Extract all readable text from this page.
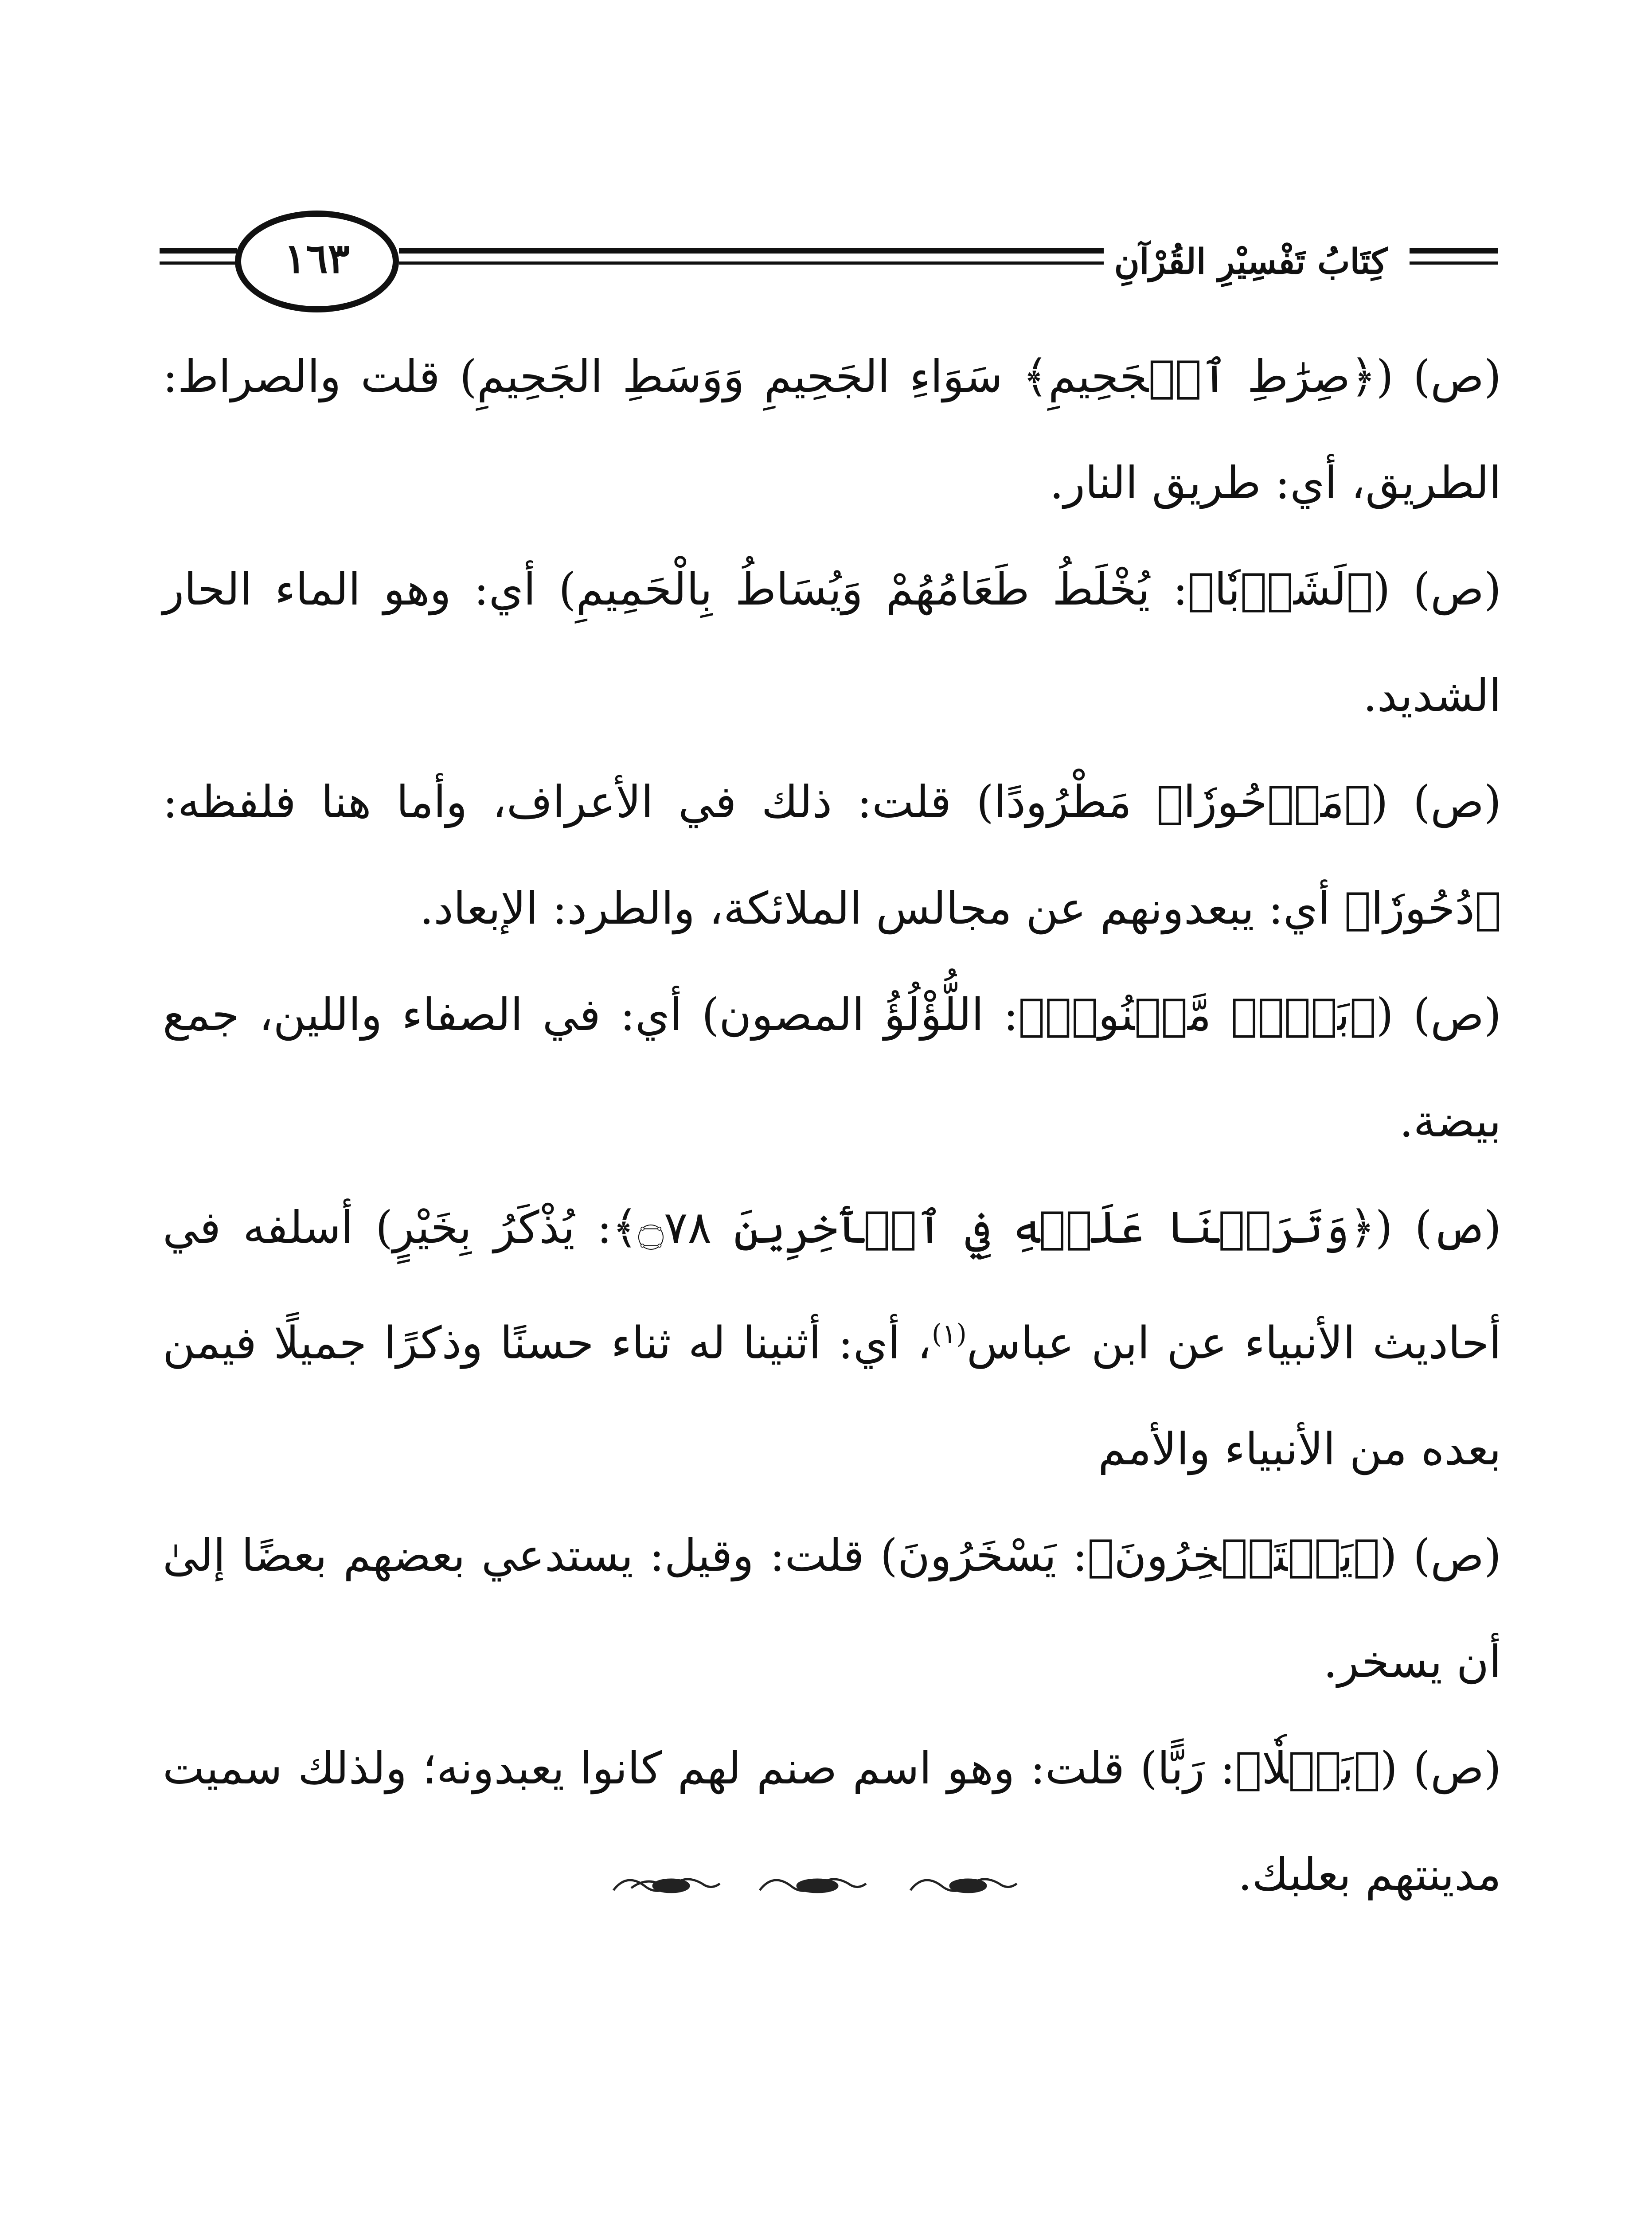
كِتَابُ تَفْسِيْرِ القُرْآنِ
١٦٣

(ص) (﴿صِرَٰطِ ٱلۡجَحِيمِ﴾ سَوَاءِ الجَحِيمِ وَوَسَطِ الجَحِيمِ) قلت والصراط: الطريق، أي: طريق النار.

(ص) (﴿لَشَوۡبٗا﴾: يُخْلَطُ طَعَامُهُمْ وَيُسَاطُ بِالْحَمِيمِ) أي: وهو الماء الحار الشديد.

(ص) (﴿مَدۡحُورٗا﴾ مَطْرُودًا) قلت: ذلك في الأعراف، وأما هنا فلفظه: ﴿دُحُورٗا﴾ أي: يبعدونهم عن مجالس الملائكة، والطرد: الإبعاد.

(ص) (﴿بَيۡضٞ مَّكۡنُونٞ﴾: اللُّؤْلُؤُ المصون) أي: في الصفاء واللين، جمع بيضة.

(ص) (﴿وَتَرَكۡنَا عَلَيۡهِ فِي ٱلۡأٓخِرِينَ ۝٧٨﴾: يُذْكَرُ بِخَيْرٍ) أسلفه في أحاديث الأنبياء عن ابن عباس$^{(١)}$، أي: أثنينا له ثناء حسنًا وذكرًا جميلًا فيمن بعده من الأنبياء والأمم

(ص) (﴿يَسۡتَسۡخِرُونَ﴾: يَسْخَرُونَ) قلت: وقيل: يستدعي بعضهم بعضًا إلىٰ أن يسخر.

(ص) (﴿بَعۡلٗا﴾: رَبًّا) قلت: وهو اسم صنم لهم كانوا يعبدونه؛ ولذلك سميت مدينتهم بعلبك.
